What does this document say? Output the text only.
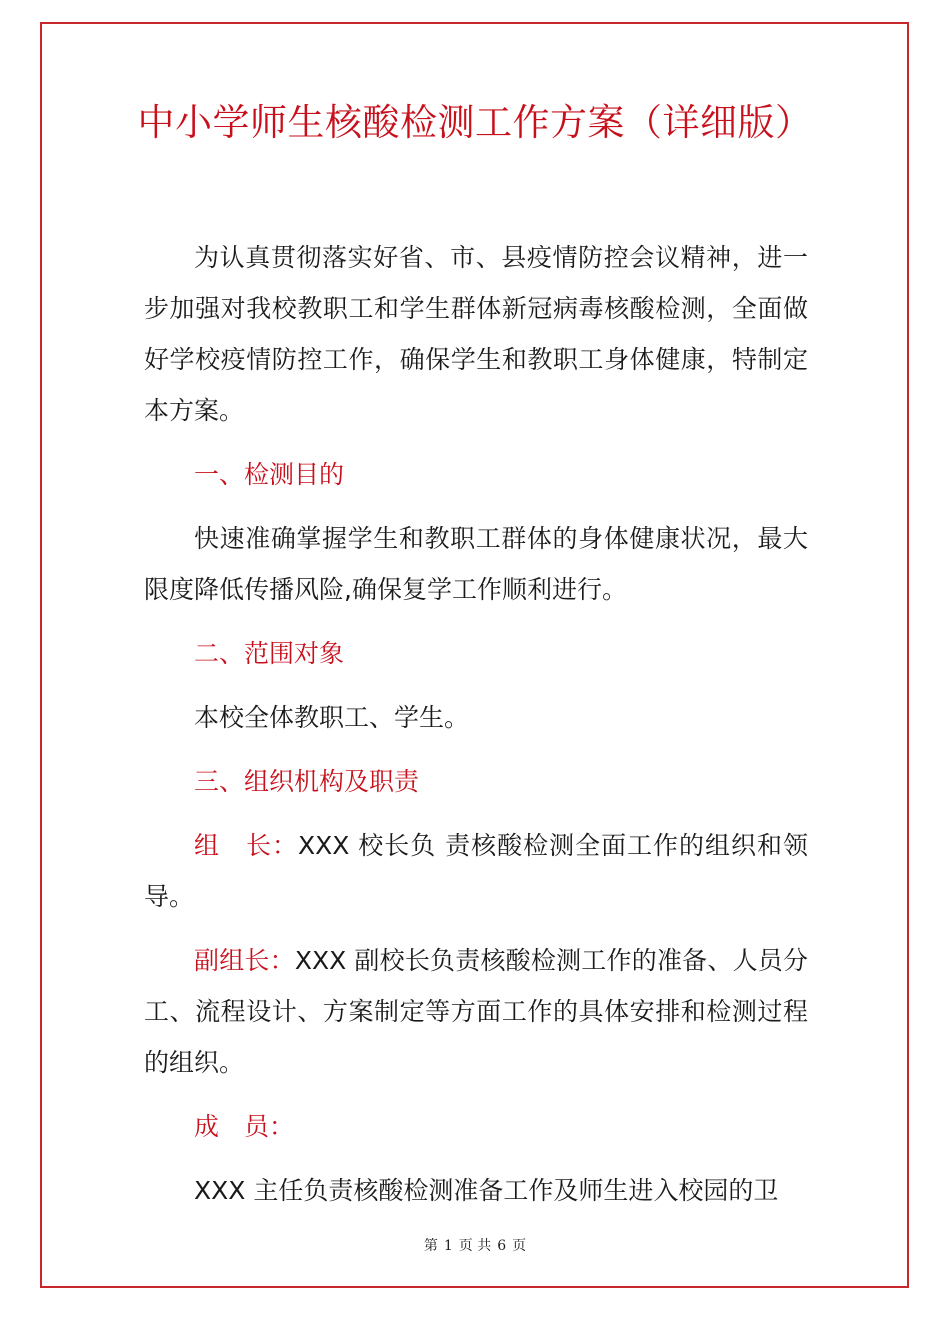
中小学师生核酸检测工作方案（详细版）

为认真贯彻落实好省、市、县疫情防控会议精神，进一步加强对我校教职工和学生群体新冠病毒核酸检测，全面做好学校疫情防控工作，确保学生和教职工身体健康，特制定本方案。

一、检测目的

快速准确掌握学生和教职工群体的身体健康状况，最大限度降低传播风险,确保复学工作顺利进行。

二、范围对象

本校全体教职工、学生。

三、组织机构及职责

组　长：XXX 校长负 责核酸检测全面工作的组织和领导。

副组长：XXX 副校长负责核酸检测工作的准备、人员分工、流程设计、方案制定等方面工作的具体安排和检测过程的组织。

成　员：

XXX 主任负责核酸检测准备工作及师生进入校园的卫

第 1 页 共 6 页
